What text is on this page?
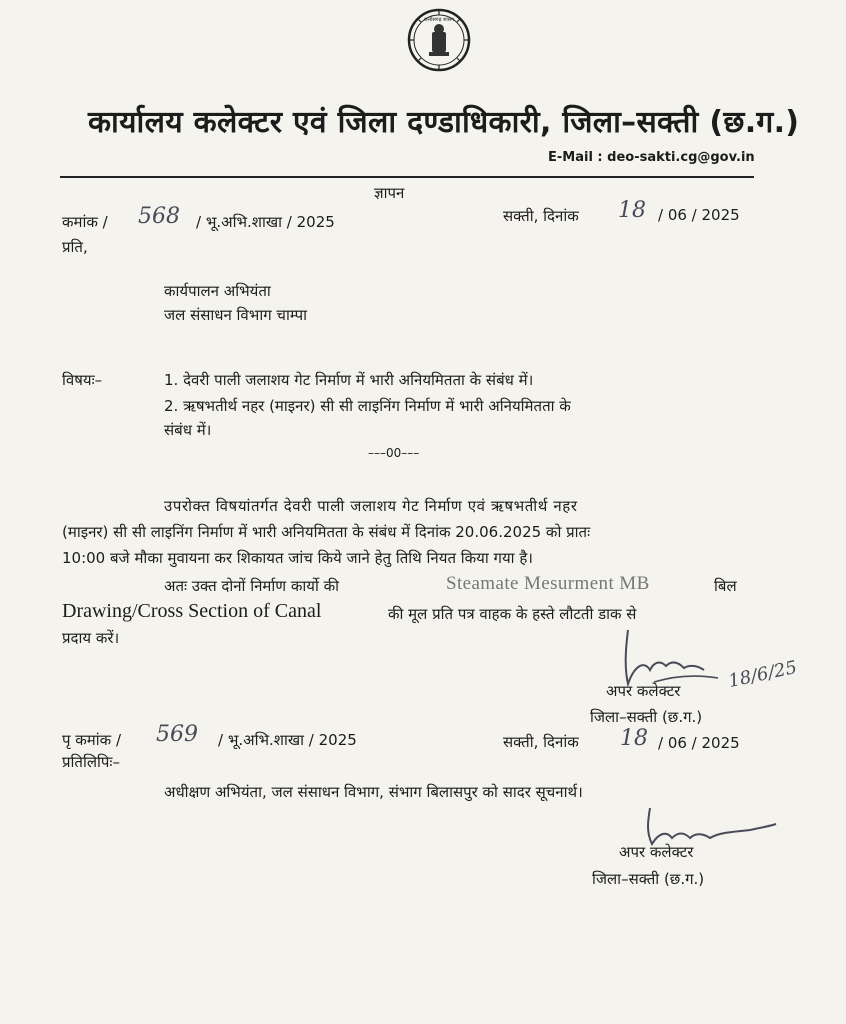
छत्तीसगढ़ शासन
कार्यालय कलेक्टर एवं जिला दण्डाधिकारी, जिला–सक्ती (छ.ग.)
E-Mail : deo-sakti.cg@gov.in
ज्ञापन
कमांक / 568 / भू.अभि.शाखा / 2025	सक्ती, दिनांक 18 / 06 / 2025
प्रति,
कार्यपालन अभियंता
जल संसाधन विभाग चाम्पा
विषयः–	1. देवरी पाली जलाशय गेट निर्माण में भारी अनियमितता के संबंध में।
2. ऋषभतीर्थ नहर (माइनर) सी सी लाइनिंग निर्माण में भारी अनियमितता के
संबंध में।
–––00–––
उपरोक्त विषयांतर्गत देवरी पाली जलाशय गेट निर्माण एवं ऋषभतीर्थ नहर
(माइनर) सी सी लाइनिंग निर्माण में भारी अनियमितता के संबंध में दिनांक 20.06.2025 को प्रातः
10:00 बजे मौका मुवायना कर शिकायत जांच किये जाने हेतु तिथि नियत किया गया है।
अतः उक्त दोनों निर्माण कार्यो की	Steamate Mesurment MB	बिल
Drawing/Cross Section of Canal	की मूल प्रति पत्र वाहक के हस्ते लौटती डाक से
प्रदाय करें।
18/6/25
अपर कलेक्टर
जिला–सक्ती (छ.ग.)
पृ कमांक / 569 / भू.अभि.शाखा / 2025	सक्ती, दिनांक 18 / 06 / 2025
प्रतिलिपिः–
अधीक्षण अभियंता, जल संसाधन विभाग, संभाग बिलासपुर को सादर सूचनार्थ।
अपर कलेक्टर
जिला–सक्ती (छ.ग.)
